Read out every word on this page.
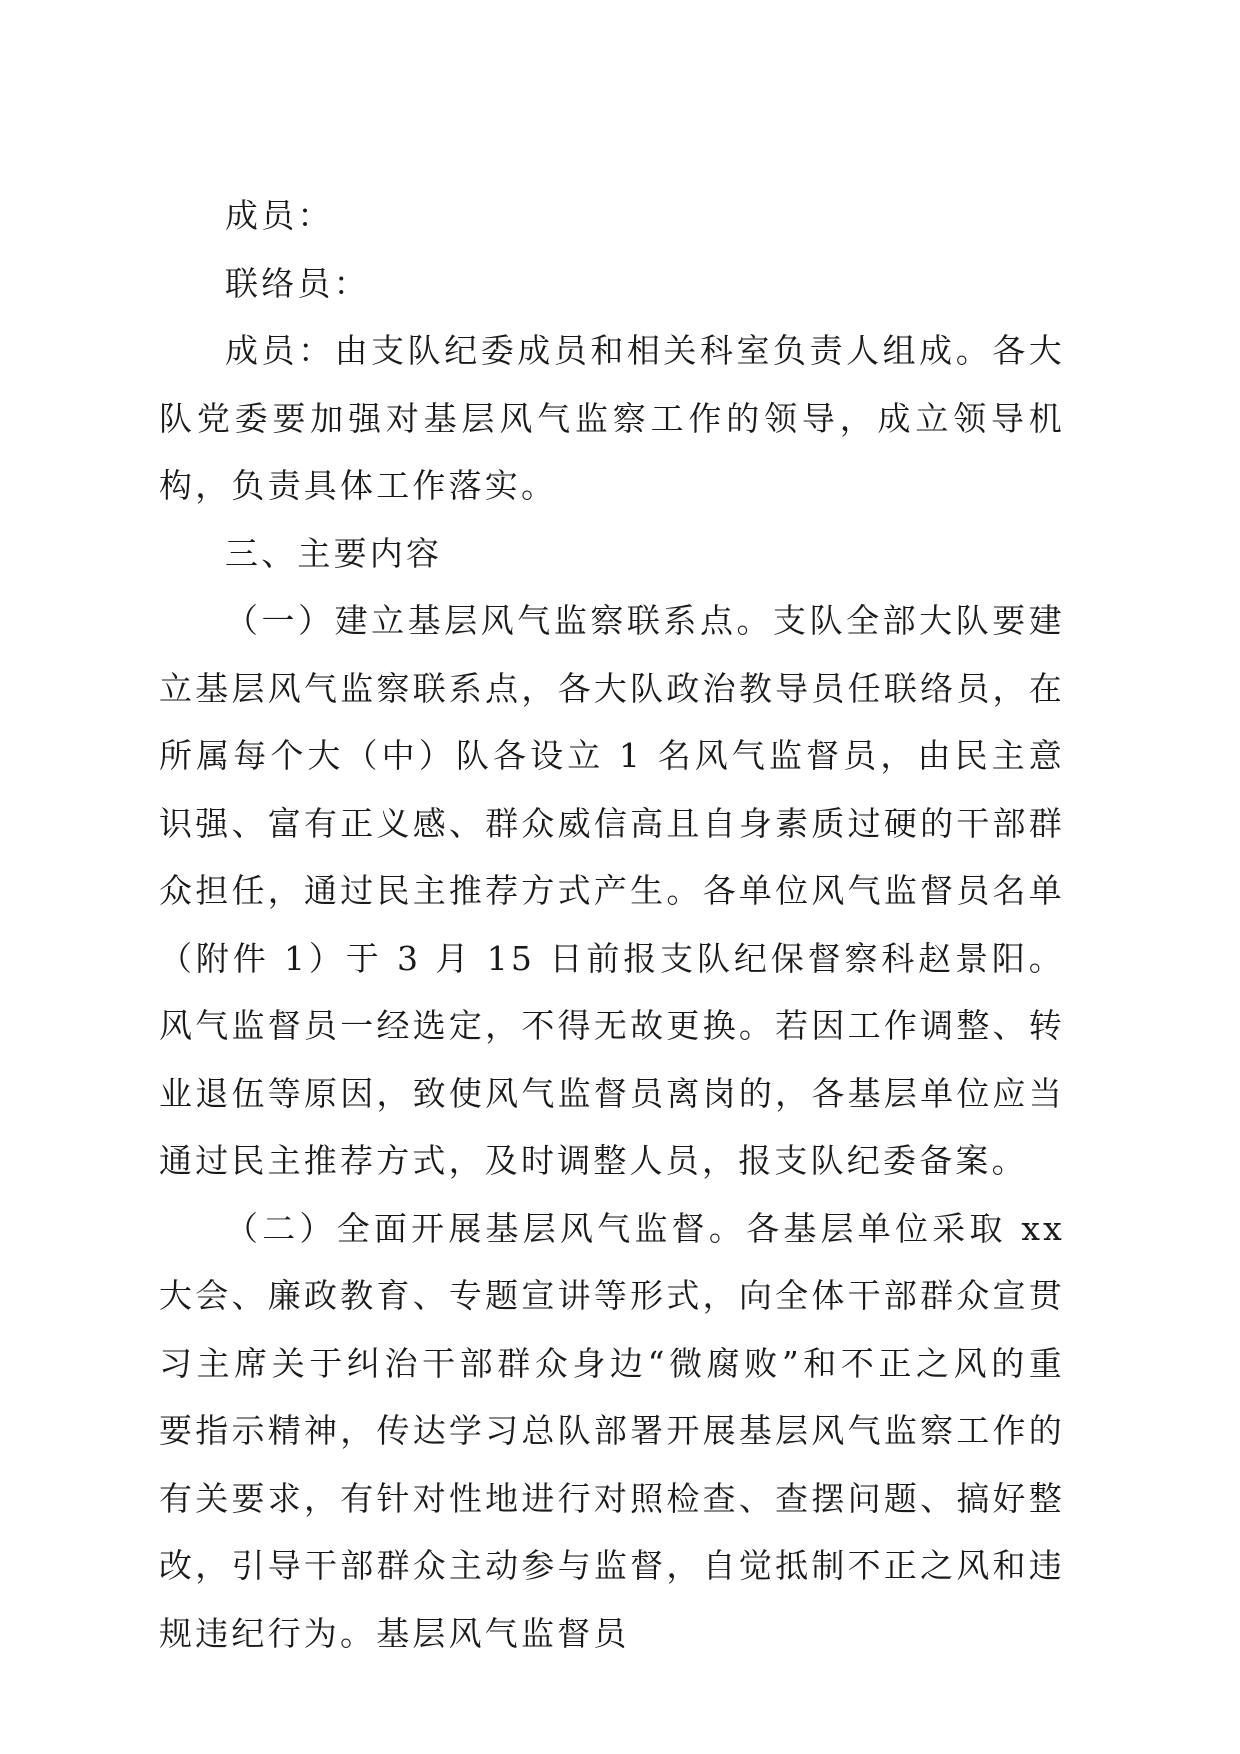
成员：

联络员：

成员：由支队纪委成员和相关科室负责人组成。各大队党委要加强对基层风气监察工作的领导，成立领导机构，负责具体工作落实。

三、主要内容

（一）建立基层风气监察联系点。支队全部大队要建立基层风气监察联系点，各大队政治教导员任联络员，在所属每个大（中）队各设立 1 名风气监督员，由民主意识强、富有正义感、群众威信高且自身素质过硬的干部群众担任，通过民主推荐方式产生。各单位风气监督员名单（附件 1）于 3 月 15 日前报支队纪保督察科赵景阳。风气监督员一经选定，不得无故更换。若因工作调整、转业退伍等原因，致使风气监督员离岗的，各基层单位应当通过民主推荐方式，及时调整人员，报支队纪委备案。

（二）全面开展基层风气监督。各基层单位采取 xx 大会、廉政教育、专题宣讲等形式，向全体干部群众宣贯习主席关于纠治干部群众身边“微腐败”和不正之风的重要指示精神，传达学习总队部署开展基层风气监察工作的有关要求，有针对性地进行对照检查、查摆问题、搞好整改，引导干部群众主动参与监督，自觉抵制不正之风和违规违纪行为。基层风气监督员
